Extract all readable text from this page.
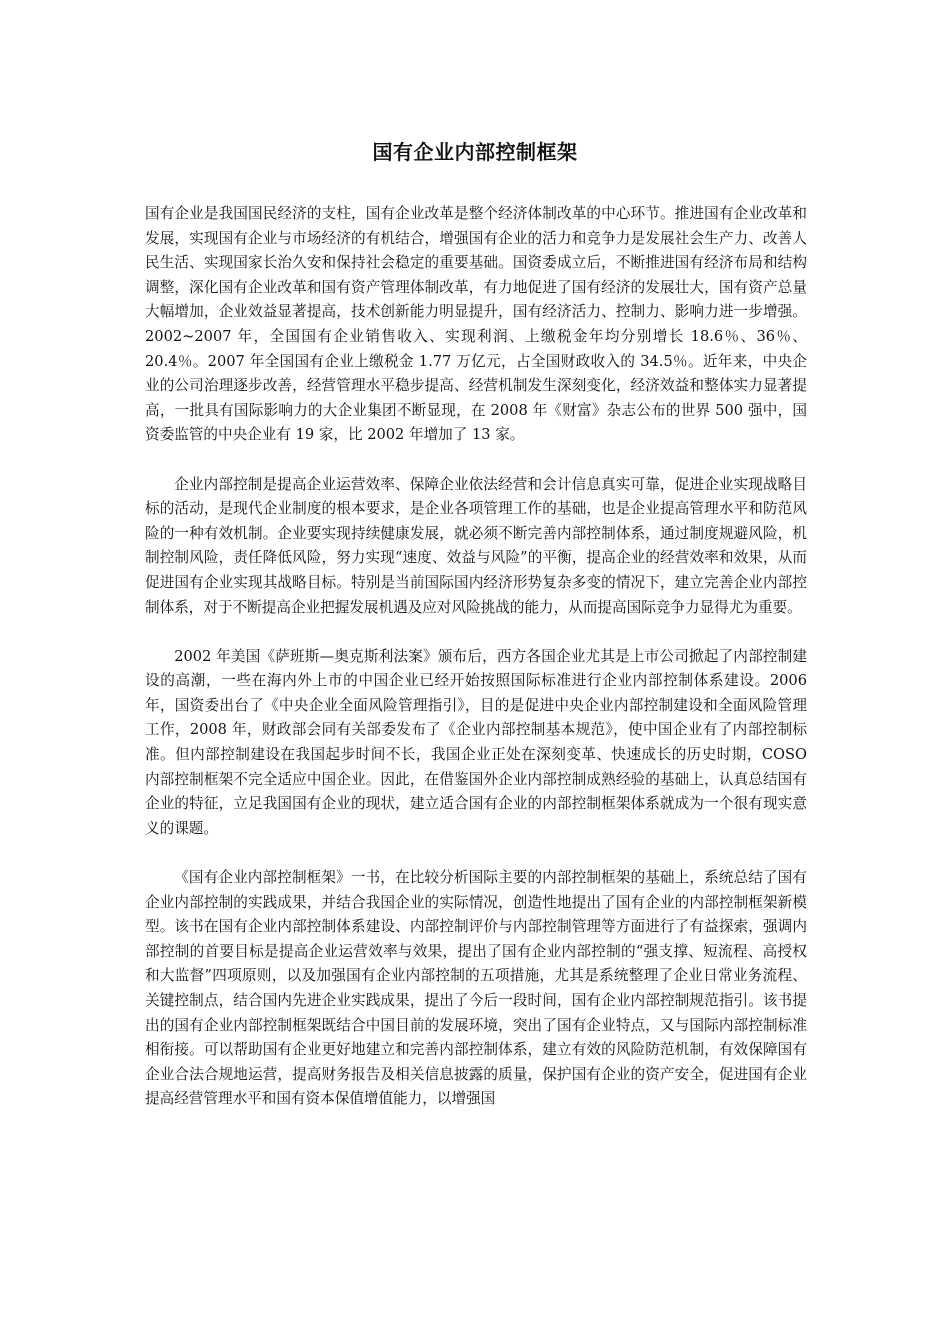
国有企业内部控制框架

国有企业是我国国民经济的支柱，国有企业改革是整个经济体制改革的中心环节。推进国有企业改革和发展，实现国有企业与市场经济的有机结合，增强国有企业的活力和竞争力是发展社会生产力、改善人民生活、实现国家长治久安和保持社会稳定的重要基础。国资委成立后，不断推进国有经济布局和结构调整，深化国有企业改革和国有资产管理体制改革，有力地促进了国有经济的发展壮大，国有资产总量大幅增加，企业效益显著提高，技术创新能力明显提升，国有经济活力、控制力、影响力进一步增强。2002~2007 年，全国国有企业销售收入、实现利润、上缴税金年均分别增长 18.6％、36％、20.4％。2007 年全国国有企业上缴税金 1.77 万亿元，占全国财政收入的 34.5％。近年来，中央企业的公司治理逐步改善，经营管理水平稳步提高、经营机制发生深刻变化，经济效益和整体实力显著提高，一批具有国际影响力的大企业集团不断显现，在 2008 年《财富》杂志公布的世界 500 强中，国资委监管的中央企业有 19 家，比 2002 年增加了 13 家。

企业内部控制是提高企业运营效率、保障企业依法经营和会计信息真实可靠，促进企业实现战略目标的活动，是现代企业制度的根本要求，是企业各项管理工作的基础，也是企业提高管理水平和防范风险的一种有效机制。企业要实现持续健康发展，就必须不断完善内部控制体系，通过制度规避风险，机制控制风险，责任降低风险，努力实现“速度、效益与风险”的平衡，提高企业的经营效率和效果，从而促进国有企业实现其战略目标。特别是当前国际国内经济形势复杂多变的情况下，建立完善企业内部控制体系，对于不断提高企业把握发展机遇及应对风险挑战的能力，从而提高国际竞争力显得尤为重要。

2002 年美国《萨班斯—奥克斯利法案》颁布后，西方各国企业尤其是上市公司掀起了内部控制建设的高潮，一些在海内外上市的中国企业已经开始按照国际标准进行企业内部控制体系建设。2006 年，国资委出台了《中央企业全面风险管理指引》，目的是促进中央企业内部控制建设和全面风险管理工作，2008 年，财政部会同有关部委发布了《企业内部控制基本规范》，使中国企业有了内部控制标准。但内部控制建设在我国起步时间不长，我国企业正处在深刻变革、快速成长的历史时期，COSO 内部控制框架不完全适应中国企业。因此，在借鉴国外企业内部控制成熟经验的基础上，认真总结国有企业的特征，立足我国国有企业的现状，建立适合国有企业的内部控制框架体系就成为一个很有现实意义的课题。

《国有企业内部控制框架》一书，在比较分析国际主要的内部控制框架的基础上，系统总结了国有企业内部控制的实践成果，并结合我国企业的实际情况，创造性地提出了国有企业的内部控制框架新模型。该书在国有企业内部控制体系建设、内部控制评价与内部控制管理等方面进行了有益探索，强调内部控制的首要目标是提高企业运营效率与效果，提出了国有企业内部控制的“强支撑、短流程、高授权和大监督”四项原则，以及加强国有企业内部控制的五项措施，尤其是系统整理了企业日常业务流程、关键控制点，结合国内先进企业实践成果，提出了今后一段时间，国有企业内部控制规范指引。该书提出的国有企业内部控制框架既结合中国目前的发展环境，突出了国有企业特点，又与国际内部控制标准相衔接。可以帮助国有企业更好地建立和完善内部控制体系，建立有效的风险防范机制，有效保障国有企业合法合规地运营，提高财务报告及相关信息披露的质量，保护国有企业的资产安全，促进国有企业提高经营管理水平和国有资本保值增值能力，以增强国
